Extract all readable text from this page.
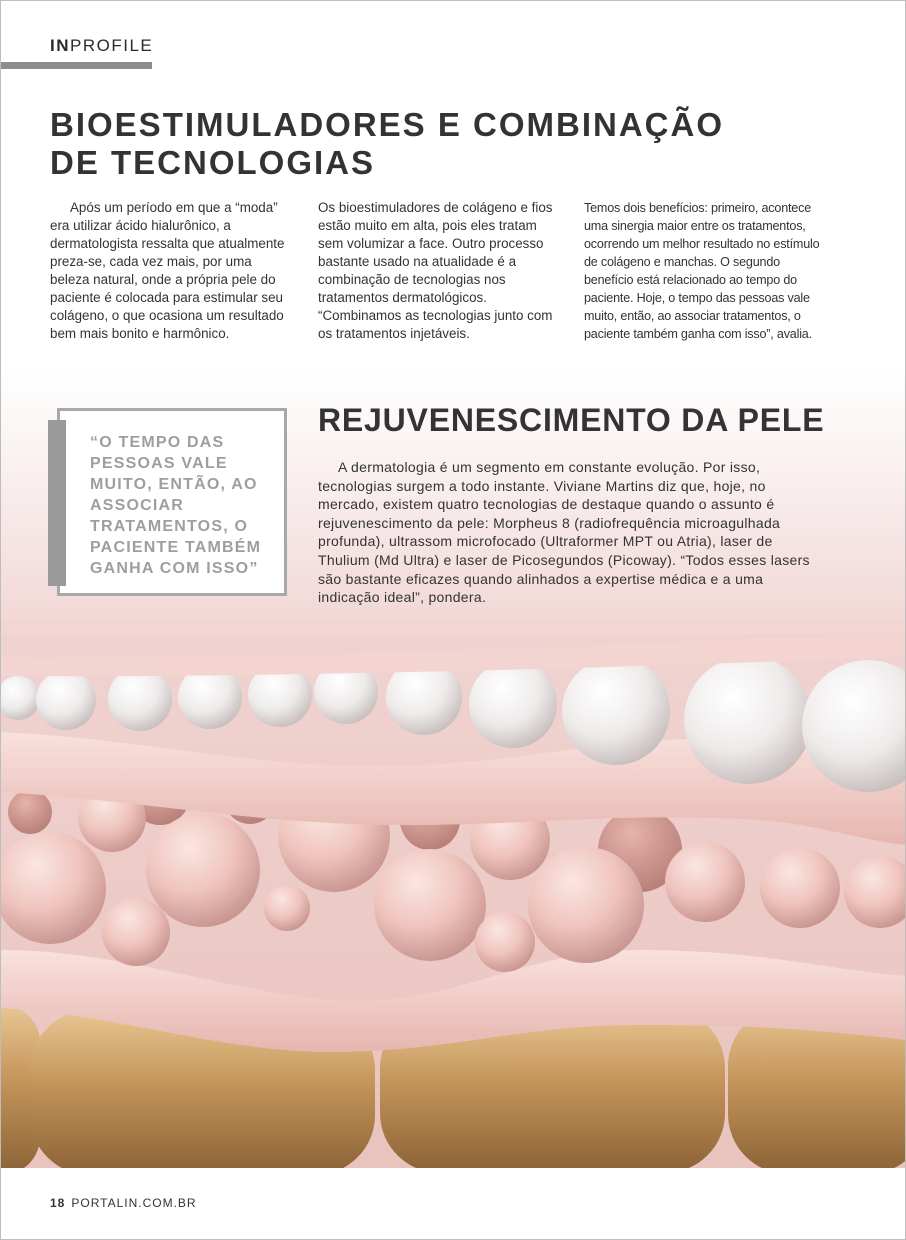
INPROFILE
BIOESTIMULADORES E COMBINAÇÃO
DE TECNOLOGIAS

Após um período em que a “moda” era utilizar ácido hialurônico, a dermatologista ressalta que atualmente preza-se, cada vez mais, por uma beleza natural, onde a própria pele do paciente é colocada para estimular seu colágeno, o que ocasiona um resultado bem mais bonito e harmônico.

Os bioestimuladores de colágeno e fios estão muito em alta, pois eles tratam sem volumizar a face. Outro processo bastante usado na atualidade é a combinação de tecnologias nos tratamentos dermatológicos. “Combinamos as tecnologias junto com os tratamentos injetáveis.

Temos dois benefícios: primeiro, acontece uma sinergia maior entre os tratamentos, ocorrendo um melhor resultado no estímulo de colágeno e manchas. O segundo benefício está relacionado ao tempo do paciente. Hoje, o tempo das pessoas vale muito, então, ao associar tratamentos, o paciente também ganha com isso”, avalia.

“O TEMPO DAS PESSOAS VALE MUITO, ENTÃO, AO ASSOCIAR TRATAMENTOS, O PACIENTE TAMBÉM GANHA COM ISSO”

REJUVENESCIMENTO DA PELE

A dermatologia é um segmento em constante evolução. Por isso, tecnologias surgem a todo instante. Viviane Martins diz que, hoje, no mercado, existem quatro tecnologias de destaque quando o assunto é rejuvenescimento da pele: Morpheus 8 (radiofrequência microagulhada profunda), ultrassom microfocado (Ultraformer MPT ou Atria), laser de Thulium (Md Ultra) e laser de Picosegundos (Picoway). “Todos esses lasers são bastante eficazes quando alinhados a expertise médica e a uma indicação ideal”, pondera.

18 PORTALIN.COM.BR
